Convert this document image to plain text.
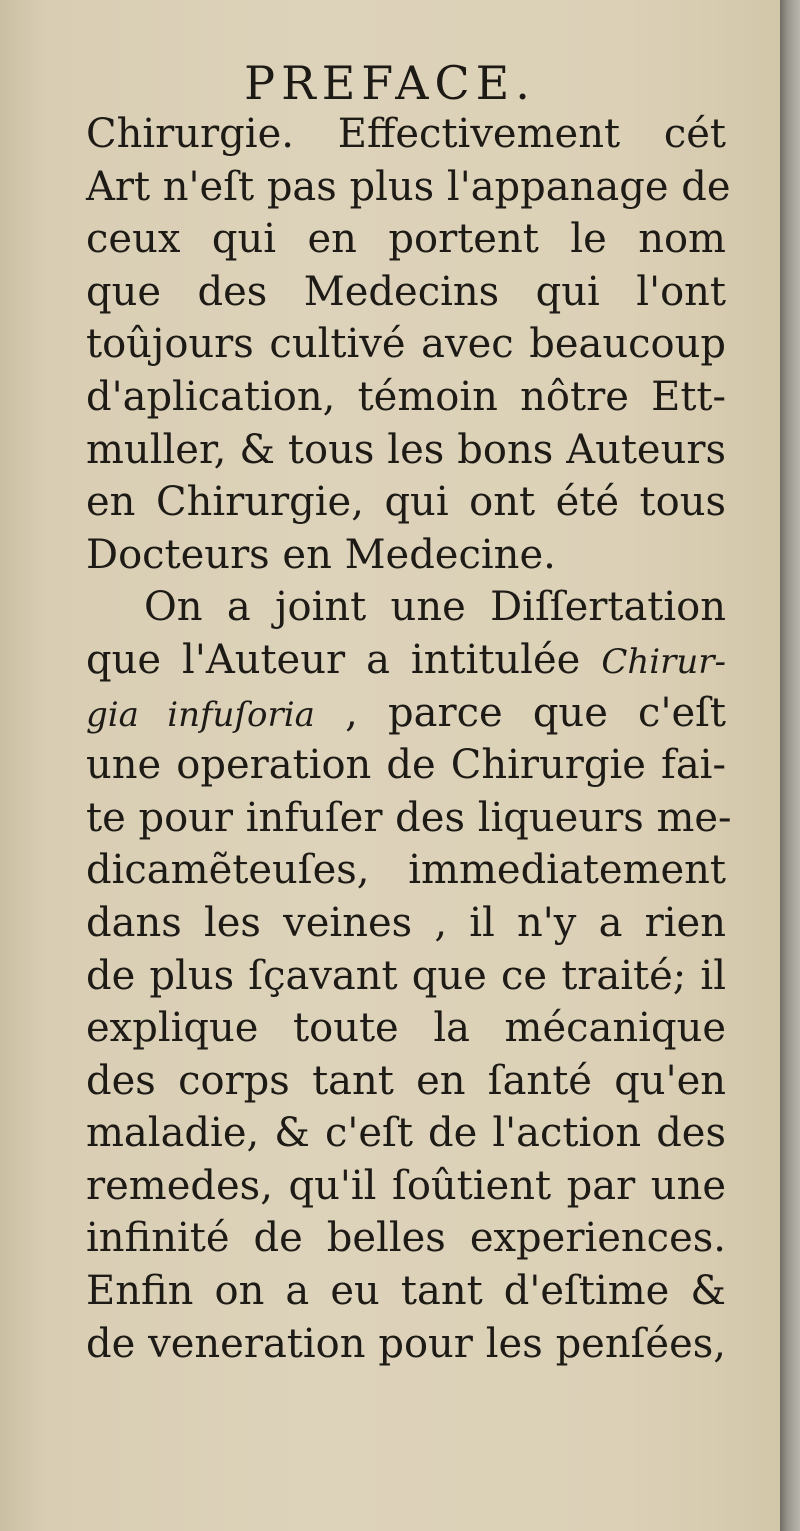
PREFACE.
Chirurgie. Effectivement cét
Art n'eſt pas plus l'appanage de
ceux qui en portent le nom
que des Medecins qui l'ont
toûjours cultivé avec beaucoup
d'aplication, témoin nôtre Ett-
muller, & tous les bons Auteurs
en Chirurgie, qui ont été tous
Docteurs en Medecine.
On a joint une Diſſertation
que l'Auteur a intitulée Chirur-
gia infuſoria , parce que c'eſt
une operation de Chirurgie fai-
te pour infuſer des liqueurs me-
dicamẽteuſes, immediatement
dans les veines , il n'y a rien
de plus ſçavant que ce traité; il
explique toute la mécanique
des corps tant en ſanté qu'en
maladie, & c'eſt de l'action des
remedes, qu'il ſoûtient par une
infinité de belles experiences.
Enfin on a eu tant d'eſtime &
de veneration pour les penſées,
